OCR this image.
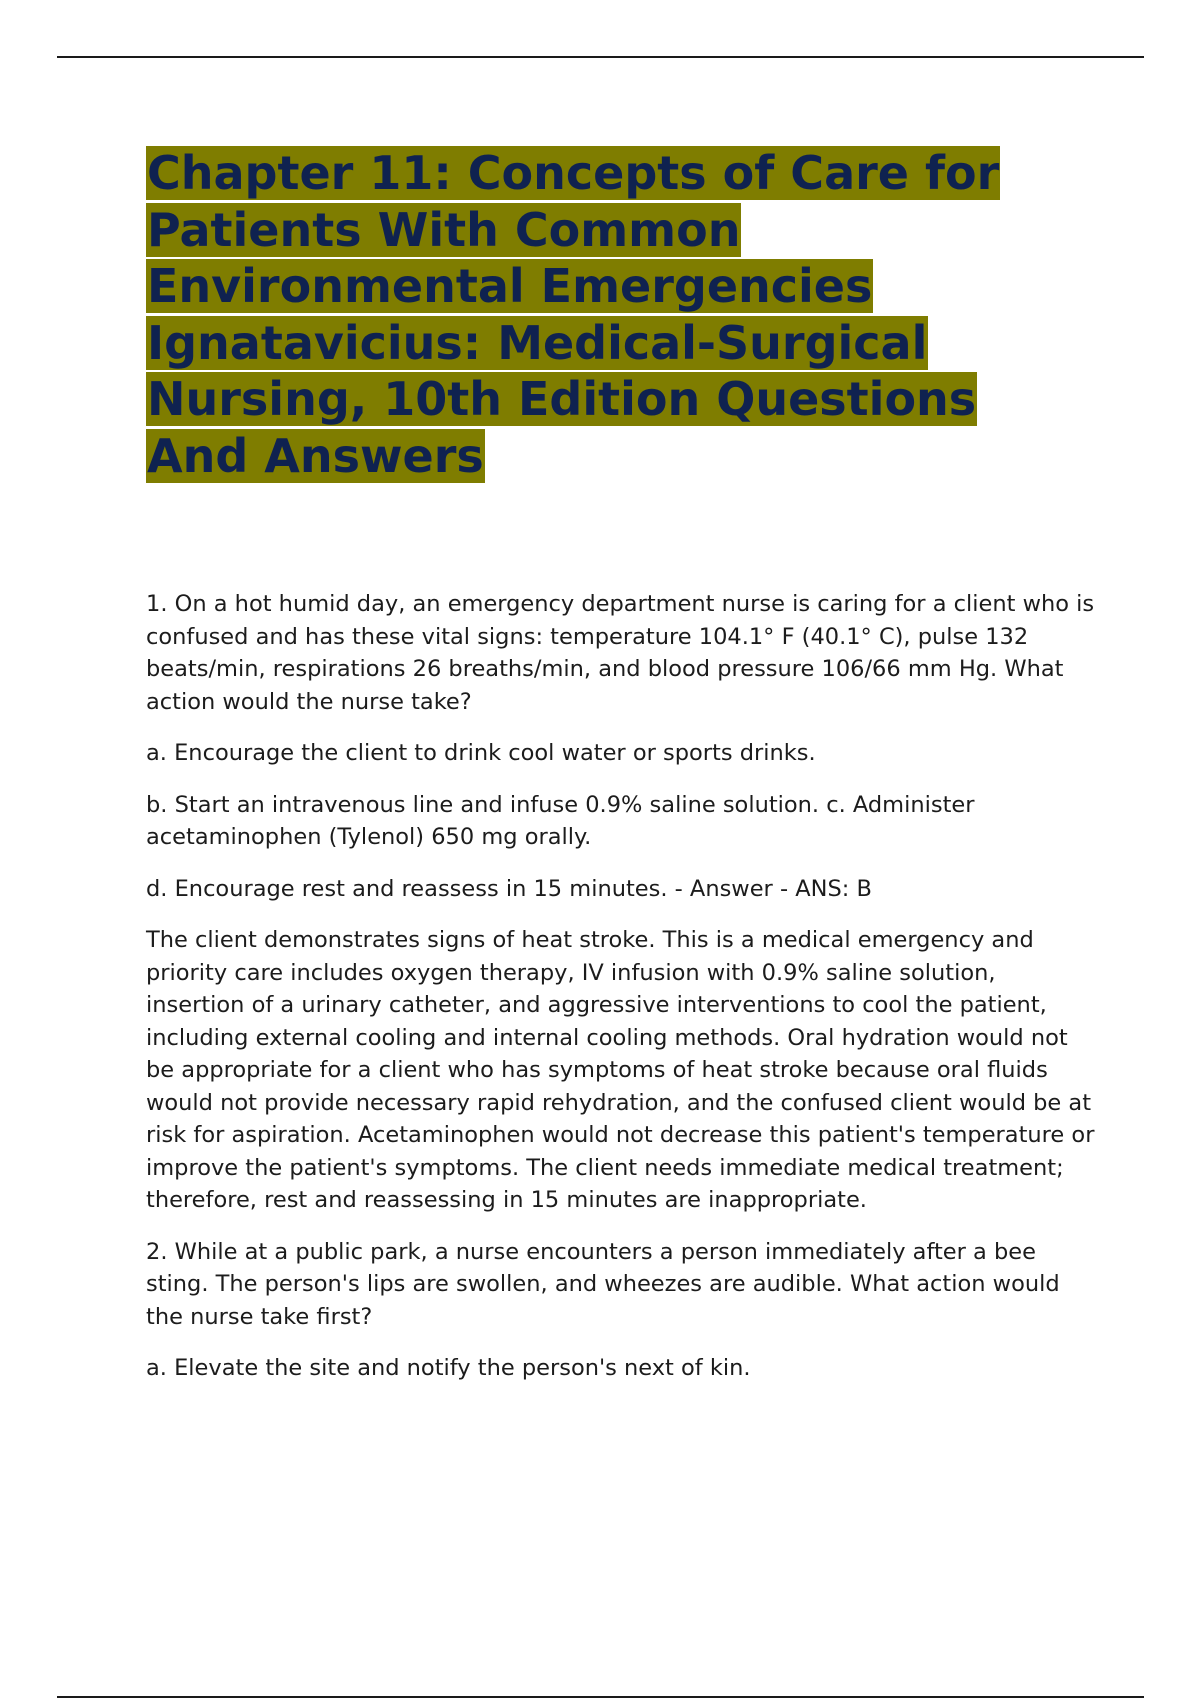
Chapter 11: Concepts of Care for
Patients With Common
Environmental Emergencies
Ignatavicius: Medical-Surgical
Nursing, 10th Edition Questions
And Answers

1. On a hot humid day, an emergency department nurse is caring for a client who is confused and has these vital signs: temperature 104.1° F (40.1° C), pulse 132 beats/min, respirations 26 breaths/min, and blood pressure 106/66 mm Hg. What action would the nurse take?

a. Encourage the client to drink cool water or sports drinks.

b. Start an intravenous line and infuse 0.9% saline solution. c. Administer acetaminophen (Tylenol) 650 mg orally.

d. Encourage rest and reassess in 15 minutes. - Answer - ANS: B

The client demonstrates signs of heat stroke. This is a medical emergency and priority care includes oxygen therapy, IV infusion with 0.9% saline solution, insertion of a urinary catheter, and aggressive interventions to cool the patient, including external cooling and internal cooling methods. Oral hydration would not be appropriate for a client who has symptoms of heat stroke because oral fluids would not provide necessary rapid rehydration, and the confused client would be at risk for aspiration. Acetaminophen would not decrease this patient's temperature or improve the patient's symptoms. The client needs immediate medical treatment; therefore, rest and reassessing in 15 minutes are inappropriate.

2. While at a public park, a nurse encounters a person immediately after a bee sting. The person's lips are swollen, and wheezes are audible. What action would the nurse take first?

a. Elevate the site and notify the person's next of kin.
